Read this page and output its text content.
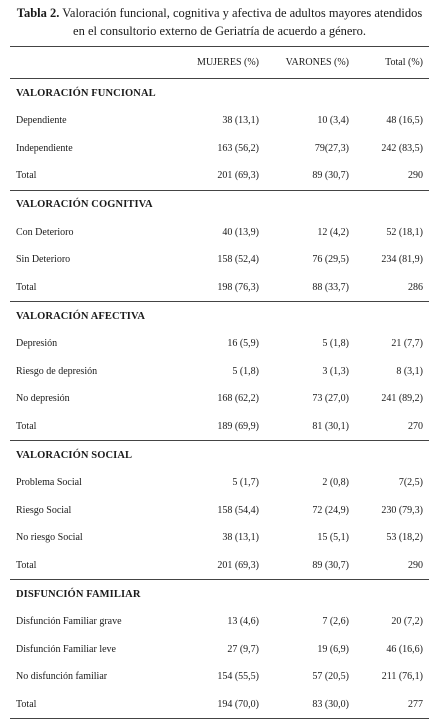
Tabla 2. Valoración funcional, cognitiva y afectiva de adultos mayores atendidos en el consultorio externo de Geriatría de acuerdo a género.
	MUJERES (%)	VARONES (%)	Total (%)
VALORACIÓN FUNCIONAL			
Dependiente	38 (13,1)	10 (3,4)	48 (16,5)
Independiente	163 (56,2)	79(27,3)	242 (83,5)
Total	201 (69,3)	89 (30,7)	290
VALORACIÓN COGNITIVA			
Con Deterioro	40 (13,9)	12 (4,2)	52 (18,1)
Sin Deterioro	158 (52,4)	76 (29,5)	234 (81,9)
Total	198 (76,3)	88 (33,7)	286
VALORACIÓN AFECTIVA			
Depresión	16 (5,9)	5 (1,8)	21 (7,7)
Riesgo de depresión	5 (1,8)	3 (1,3)	8 (3,1)
No depresión	168 (62,2)	73 (27,0)	241 (89,2)
Total	189 (69,9)	81 (30,1)	270
VALORACIÓN SOCIAL			
Problema Social	5 (1,7)	2 (0,8)	7(2,5)
Riesgo Social	158 (54,4)	72 (24,9)	230 (79,3)
No riesgo Social	38 (13,1)	15 (5,1)	53 (18,2)
Total	201 (69,3)	89 (30,7)	290
DISFUNCIÓN FAMILIAR			
Disfunción Familiar grave	13 (4,6)	7 (2,6)	20 (7,2)
Disfunción Familiar leve	27 (9,7)	19 (6,9)	46 (16,6)
No disfunción familiar	154 (55,5)	57 (20,5)	211 (76,1)
Total	194 (70,0)	83 (30,0)	277
